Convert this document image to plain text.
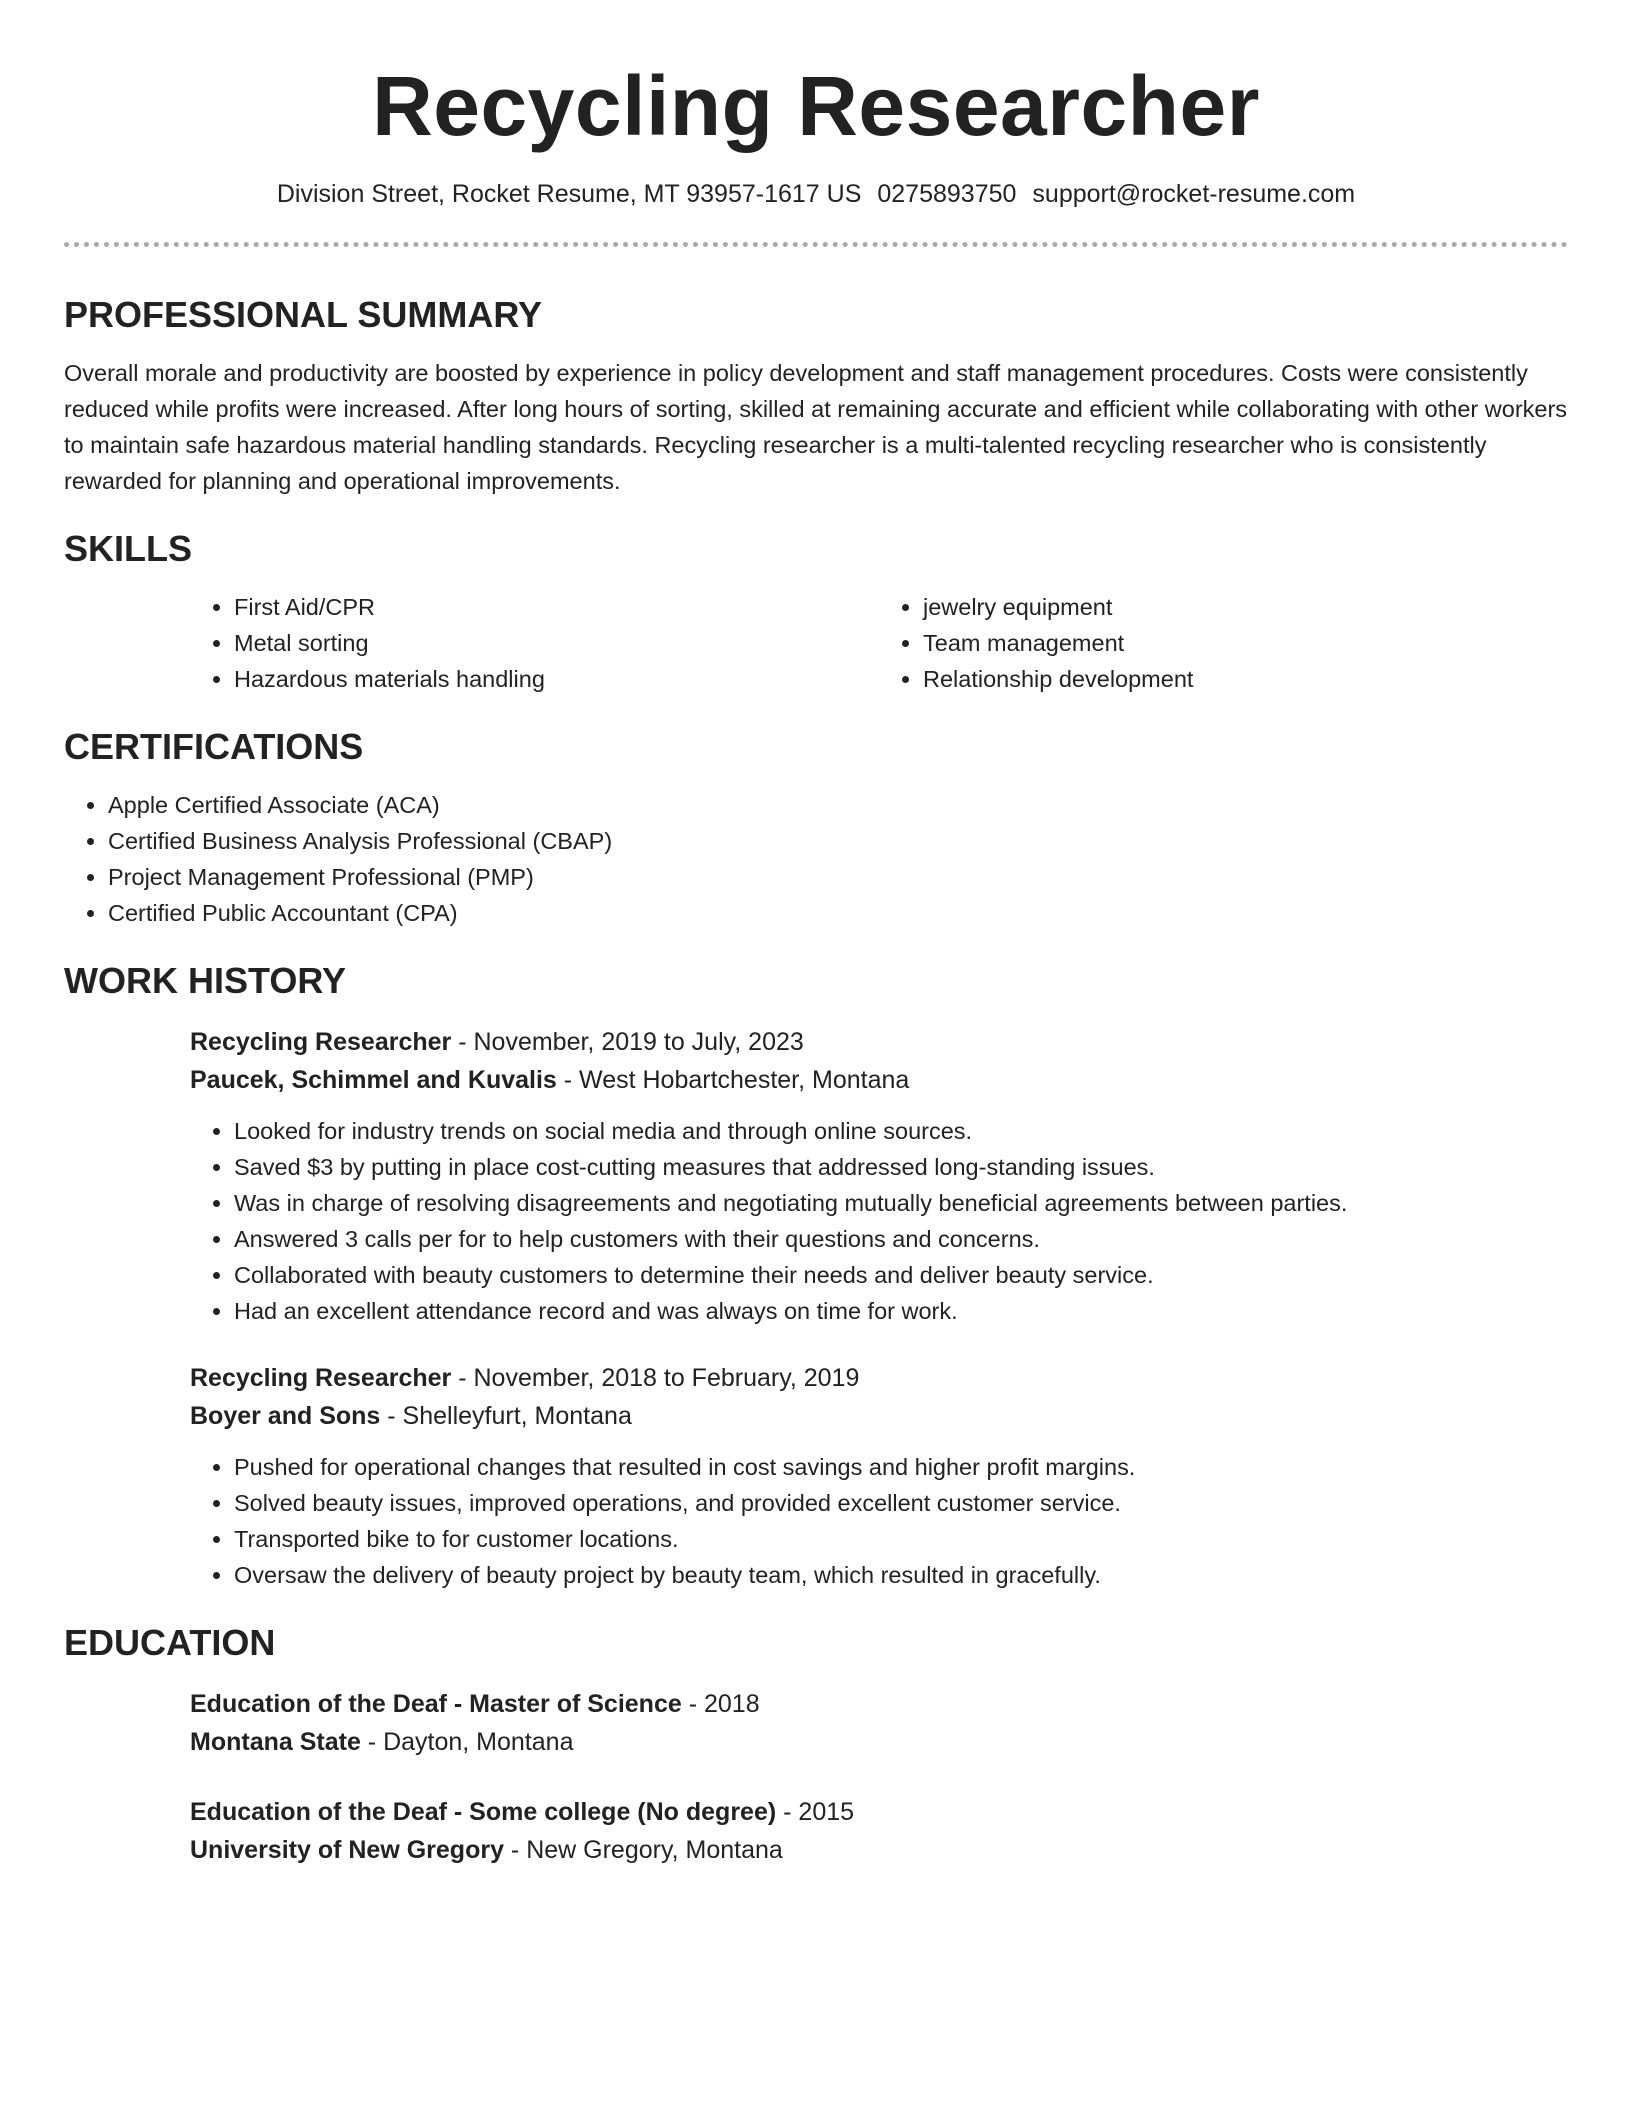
Recycling Researcher
Division Street, Rocket Resume, MT 93957-1617 US 0275893750 support@rocket-resume.com
PROFESSIONAL SUMMARY

Overall morale and productivity are boosted by experience in policy development and staff management procedures. Costs were consistently reduced while profits were increased. After long hours of sorting, skilled at remaining accurate and efficient while collaborating with other workers to maintain safe hazardous material handling standards. Recycling researcher is a multi-talented recycling researcher who is consistently rewarded for planning and operational improvements.

SKILLS
• First Aid/CPR
• Metal sorting
• Hazardous materials handling
• jewelry equipment
• Team management
• Relationship development
CERTIFICATIONS
• Apple Certified Associate (ACA)
• Certified Business Analysis Professional (CBAP)
• Project Management Professional (PMP)
• Certified Public Accountant (CPA)
WORK HISTORY

Recycling Researcher - November, 2019 to July, 2023

Paucek, Schimmel and Kuvalis - West Hobartchester, Montana

• Looked for industry trends on social media and through online sources.
• Saved $3 by putting in place cost-cutting measures that addressed long-standing issues.
• Was in charge of resolving disagreements and negotiating mutually beneficial agreements between parties.
• Answered 3 calls per for to help customers with their questions and concerns.
• Collaborated with beauty customers to determine their needs and deliver beauty service.
• Had an excellent attendance record and was always on time for work.

Recycling Researcher - November, 2018 to February, 2019

Boyer and Sons - Shelleyfurt, Montana

• Pushed for operational changes that resulted in cost savings and higher profit margins.
• Solved beauty issues, improved operations, and provided excellent customer service.
• Transported bike to for customer locations.
• Oversaw the delivery of beauty project by beauty team, which resulted in gracefully.
EDUCATION

Education of the Deaf - Master of Science - 2018

Montana State - Dayton, Montana

Education of the Deaf - Some college (No degree) - 2015

University of New Gregory - New Gregory, Montana
